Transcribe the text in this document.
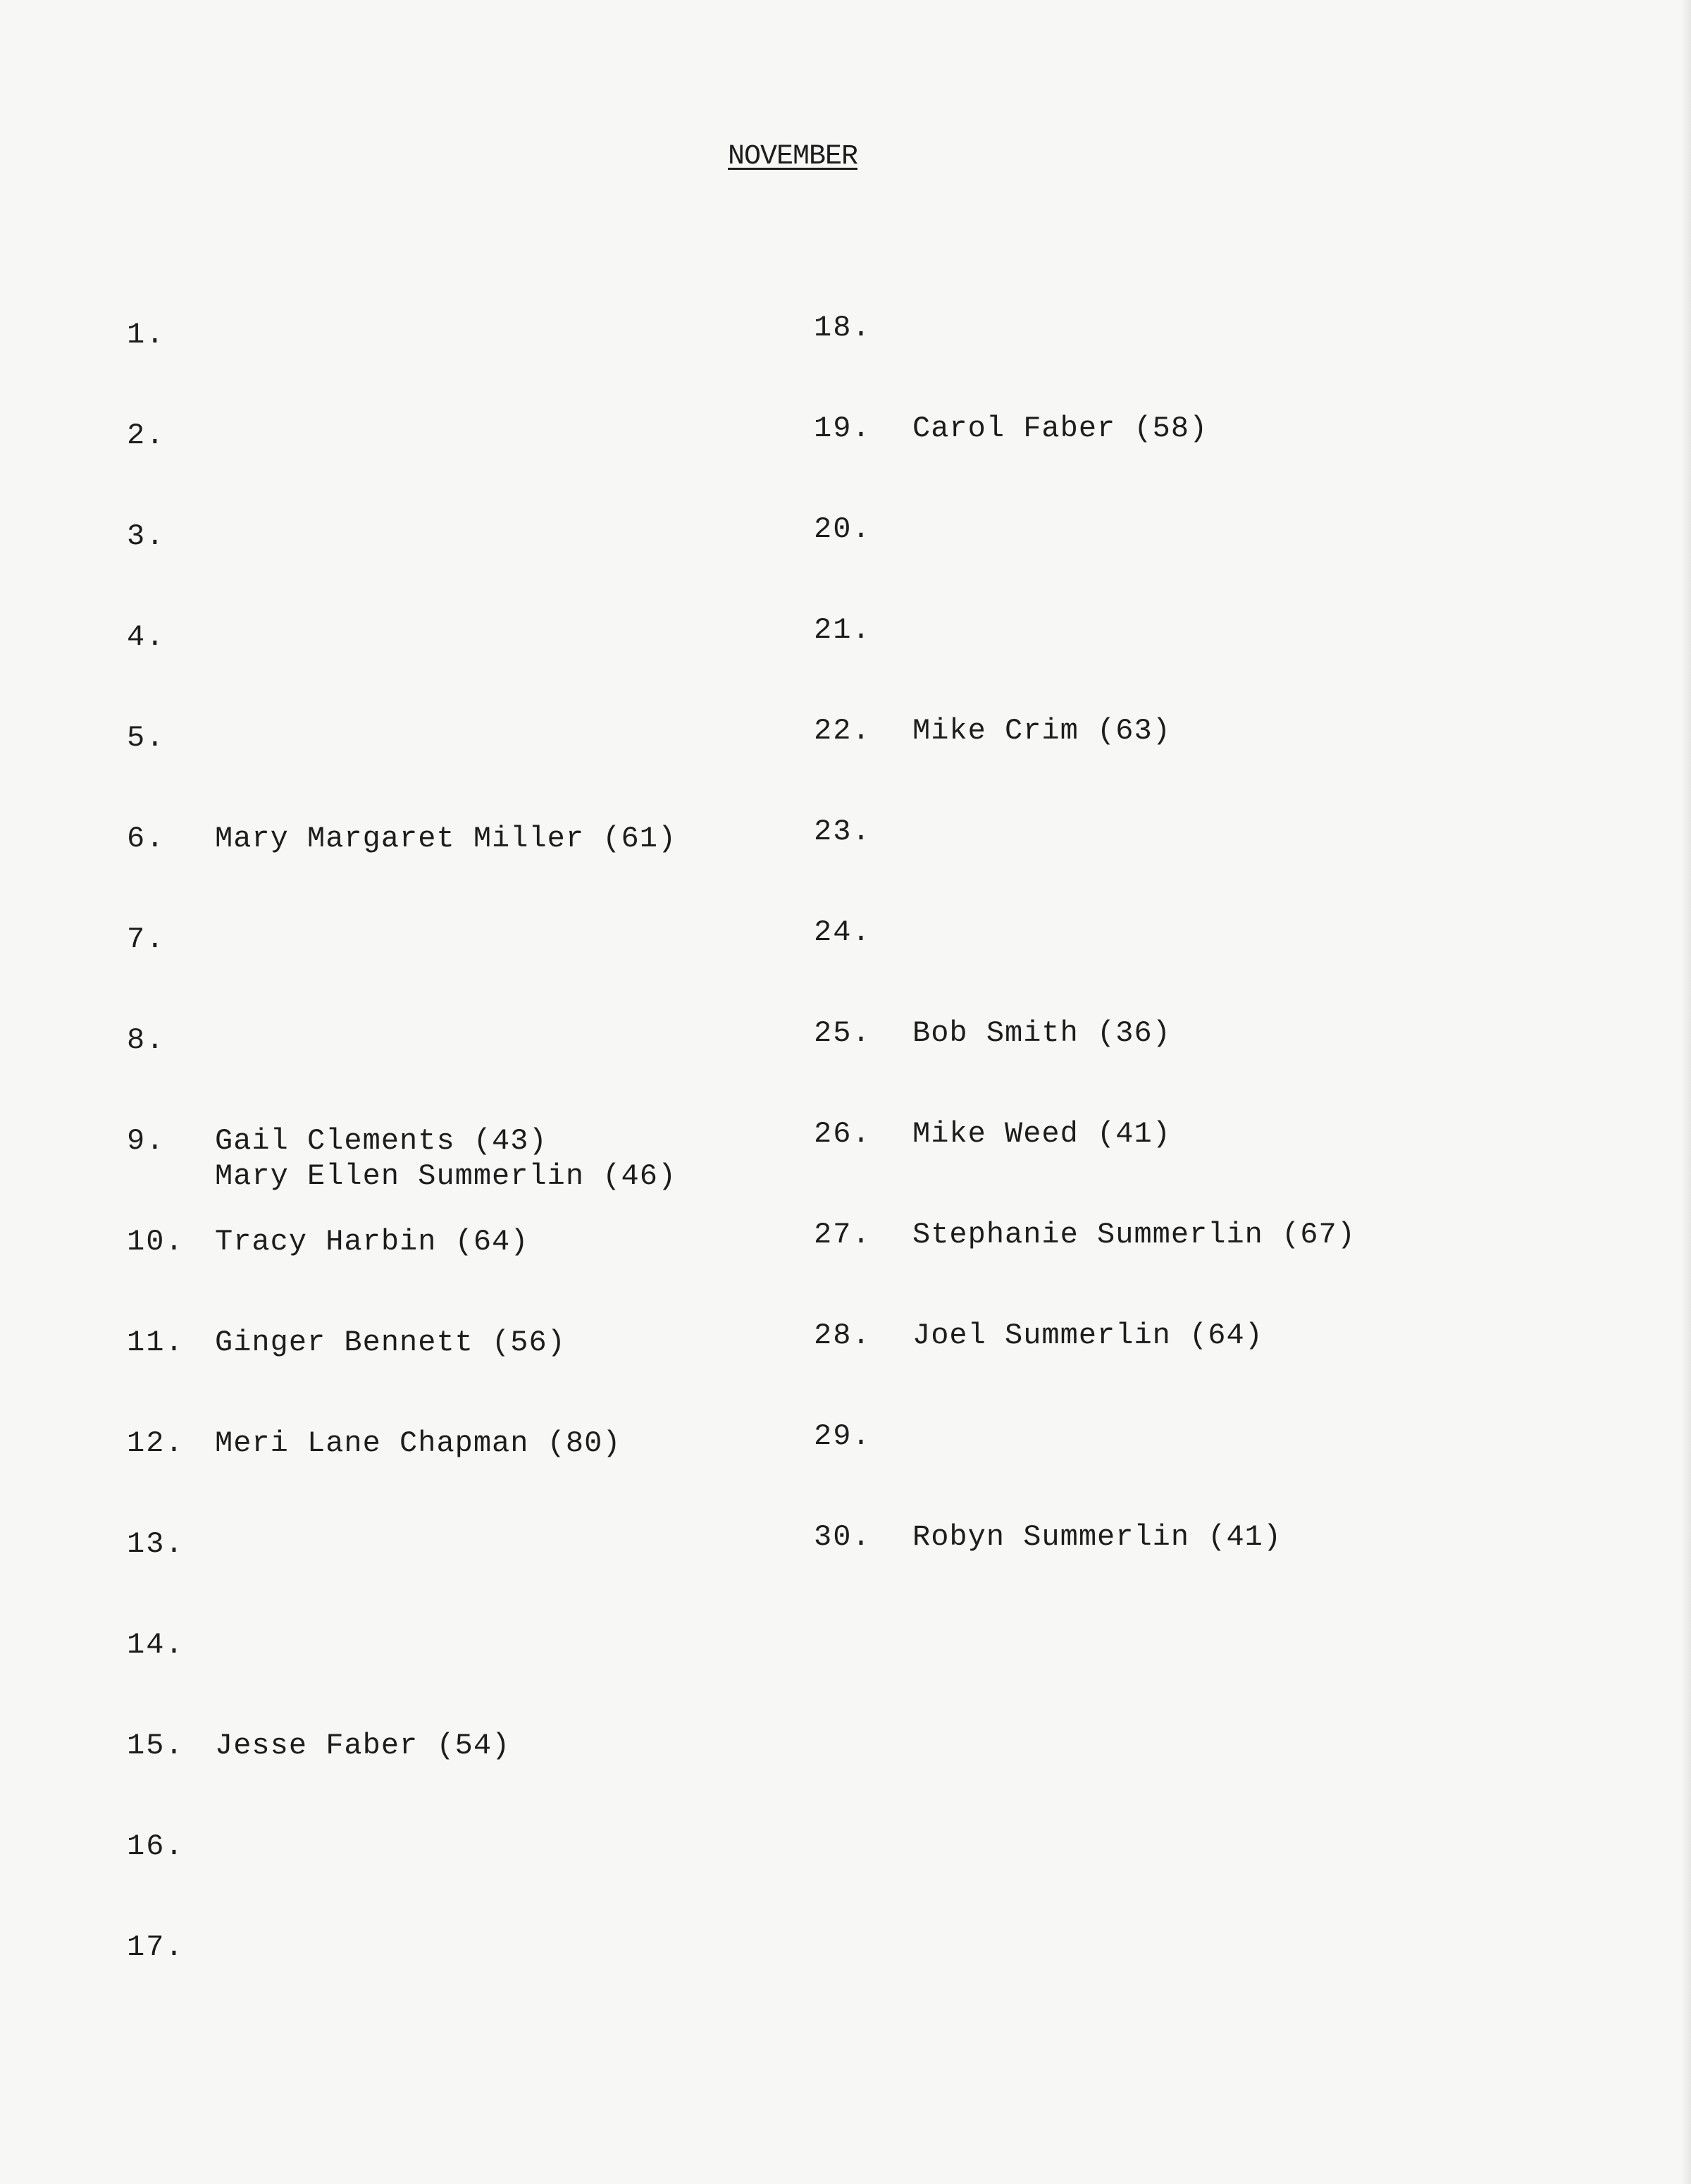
NOVEMBER
1.
2.
3.
4.
5.
6. Mary Margaret Miller (61)
7.
8.
9. Gail Clements (43)
Mary Ellen Summerlin (46)
10. Tracy Harbin (64)
11. Ginger Bennett (56)
12. Meri Lane Chapman (80)
13.
14.
15. Jesse Faber (54)
16.
17.
18.
19. Carol Faber (58)
20.
21.
22. Mike Crim (63)
23.
24.
25. Bob Smith (36)
26. Mike Weed (41)
27. Stephanie Summerlin (67)
28. Joel Summerlin (64)
29.
30. Robyn Summerlin (41)
